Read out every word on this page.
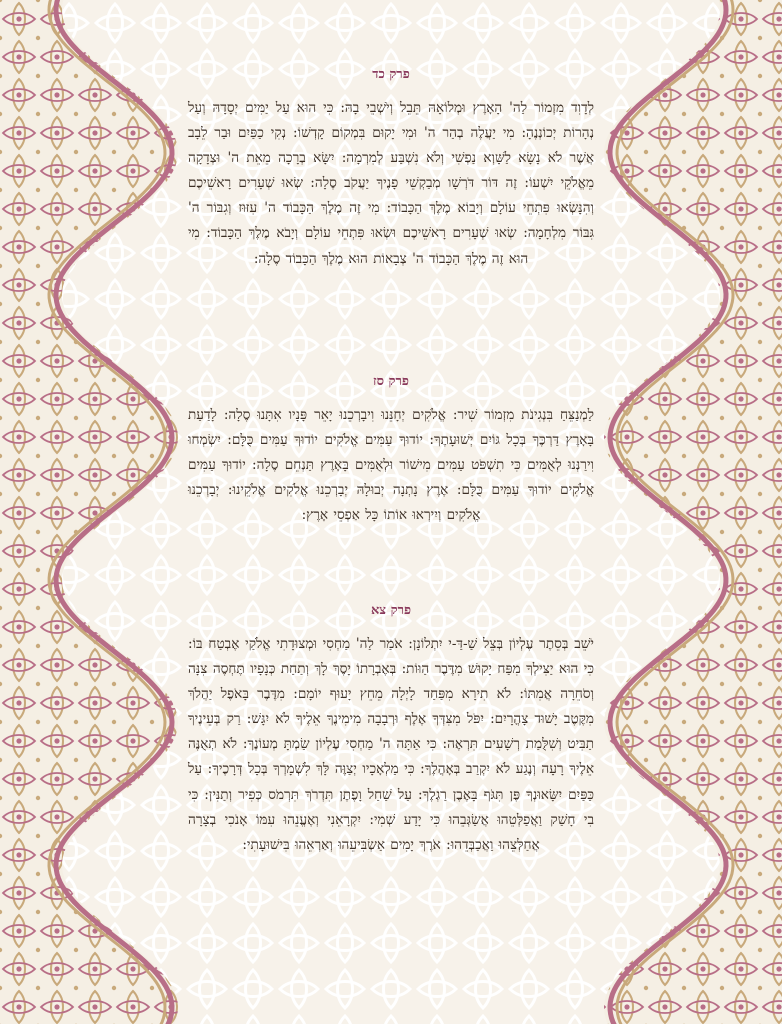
פרק כד
לְדָוִד מִזְמוֹר לַה' הָאָרֶץ וּמְלוֹאָהּ תֵּבֵל וְיֹשְׁבֵי בָהּ: כִּי הוּא עַל יַמִּים יְסָדָהּ וְעַל נְהָרוֹת יְכוֹנְנֶהָ: מִי יַעֲלֶה בְהַר ה' וּמִי יָקוּם בִּמְקוֹם קָדְשׁוֹ: נְקִי כַפַּיִם וּבַר לֵבָב אֲשֶׁר לֹא נָשָׂא לַשָּׁוְא נַפְשִׁי וְלֹא נִשְׁבַּע לְמִרְמָה: יִשָּׂא בְרָכָה מֵאֵת ה' וּצְדָקָה מֵאֱלֹקֵי יִשְׁעוֹ: זֶה דּוֹר דֹּרְשָׁו מְבַקְשֵׁי פָנֶיךָ יַעֲקֹב סֶלָה: שְׂאוּ שְׁעָרִים רָאשֵׁיכֶם וְהִנָּשְׂאוּ פִּתְחֵי עוֹלָם וְיָבוֹא מֶלֶךְ הַכָּבוֹד: מִי זֶה מֶלֶךְ הַכָּבוֹד ה' עִזּוּז וְגִבּוֹר ה' גִּבּוֹר מִלְחָמָה: שְׂאוּ שְׁעָרִים רָאשֵׁיכֶם וּשְׂאוּ פִּתְחֵי עוֹלָם וְיָבֹא מֶלֶךְ הַכָּבוֹד: מִי הוּא זֶה מֶלֶךְ הַכָּבוֹד ה' צְבָאוֹת הוּא מֶלֶךְ הַכָּבוֹד סֶלָה:
פרק סז
לַמְנַצֵּחַ בִּנְגִינֹת מִזְמוֹר שִׁיר: אֱלֹקִים יְחָנֵּנוּ וִיבָרְכֵנוּ יָאֵר פָּנָיו אִתָּנוּ סֶלָה: לָדַעַת בָּאָרֶץ דַּרְכֶּךָ בְּכָל גּוֹיִם יְשׁוּעָתֶךָ: יוֹדוּךָ עַמִּים אֱלֹקִים יוֹדוּךָ עַמִּים כֻּלָּם: יִשְׂמְחוּ וִירַנְּנוּ לְאֻמִּים כִּי תִשְׁפֹּט עַמִּים מִישׁוֹר וּלְאֻמִּים בָּאָרֶץ תַּנְחֵם סֶלָה: יוֹדוּךָ עַמִּים אֱלֹקִים יוֹדוּךָ עַמִּים כֻּלָּם: אֶרֶץ נָתְנָה יְבוּלָהּ יְבָרְכֵנוּ אֱלֹקִים אֱלֹקֵינוּ: יְבָרְכֵנוּ אֱלֹקִים וְיִירְאוּ אוֹתוֹ כָּל אַפְסֵי אָרֶץ:
פרק צא
יֹשֵׁב בְּסֵתֶר עֶלְיוֹן בְּצֵל שַׁ-דַּ-י יִתְלוֹנָן: אֹמַר לַה' מַחְסִי וּמְצוּדָתִי אֱלֹקַי אֶבְטַח בּוֹ: כִּי הוּא יַצִּילְךָ מִפַּח יָקוּשׁ מִדֶּבֶר הַוּוֹת: בְּאֶבְרָתוֹ יָסֶךְ לָךְ וְתַחַת כְּנָפָיו תֶּחְסֶה צִנָּה וְסֹחֵרָה אֲמִתּוֹ: לֹא תִירָא מִפַּחַד לָיְלָה מֵחֵץ יָעוּף יוֹמָם: מִדֶּבֶר בָּאֹפֶל יַהֲלֹךְ מִקֶּטֶב יָשׁוּד צָהֳרָיִם: יִפֹּל מִצִּדְּךָ אֶלֶף וּרְבָבָה מִימִינֶךָ אֵלֶיךָ לֹא יִגָּשׁ: רַק בְּעֵינֶיךָ תַבִּיט וְשִׁלֻּמַת רְשָׁעִים תִּרְאֶה: כִּי אַתָּה ה' מַחְסִי עֶלְיוֹן שַׂמְתָּ מְעוֹנֶךָ: לֹא תְאֻנֶּה אֵלֶיךָ רָעָה וְנֶגַע לֹא יִקְרַב בְּאָהֳלֶךָ: כִּי מַלְאָכָיו יְצַוֶּה לָּךְ לִשְׁמָרְךָ בְּכָל דְּרָכֶיךָ: עַל כַּפַּיִם יִשָּׂאוּנְךָ פֶּן תִּגֹּף בָּאֶבֶן רַגְלֶךָ: עַל שַׁחַל וָפֶתֶן תִּדְרֹךְ תִּרְמֹס כְּפִיר וְתַנִּין: כִּי בִי חָשַׁק וַאֲפַלְּטֵהוּ אֲשַׂגְּבֵהוּ כִּי יָדַע שְׁמִי: יִקְרָאֵנִי וְאֶעֱנֵהוּ עִמּוֹ אָנֹכִי בְצָרָה אֲחַלְּצֵהוּ וַאֲכַבְּדֵהוּ: אֹרֶךְ יָמִים אַשְׂבִּיעֵהוּ וְאַרְאֵהוּ בִּישׁוּעָתִי:
